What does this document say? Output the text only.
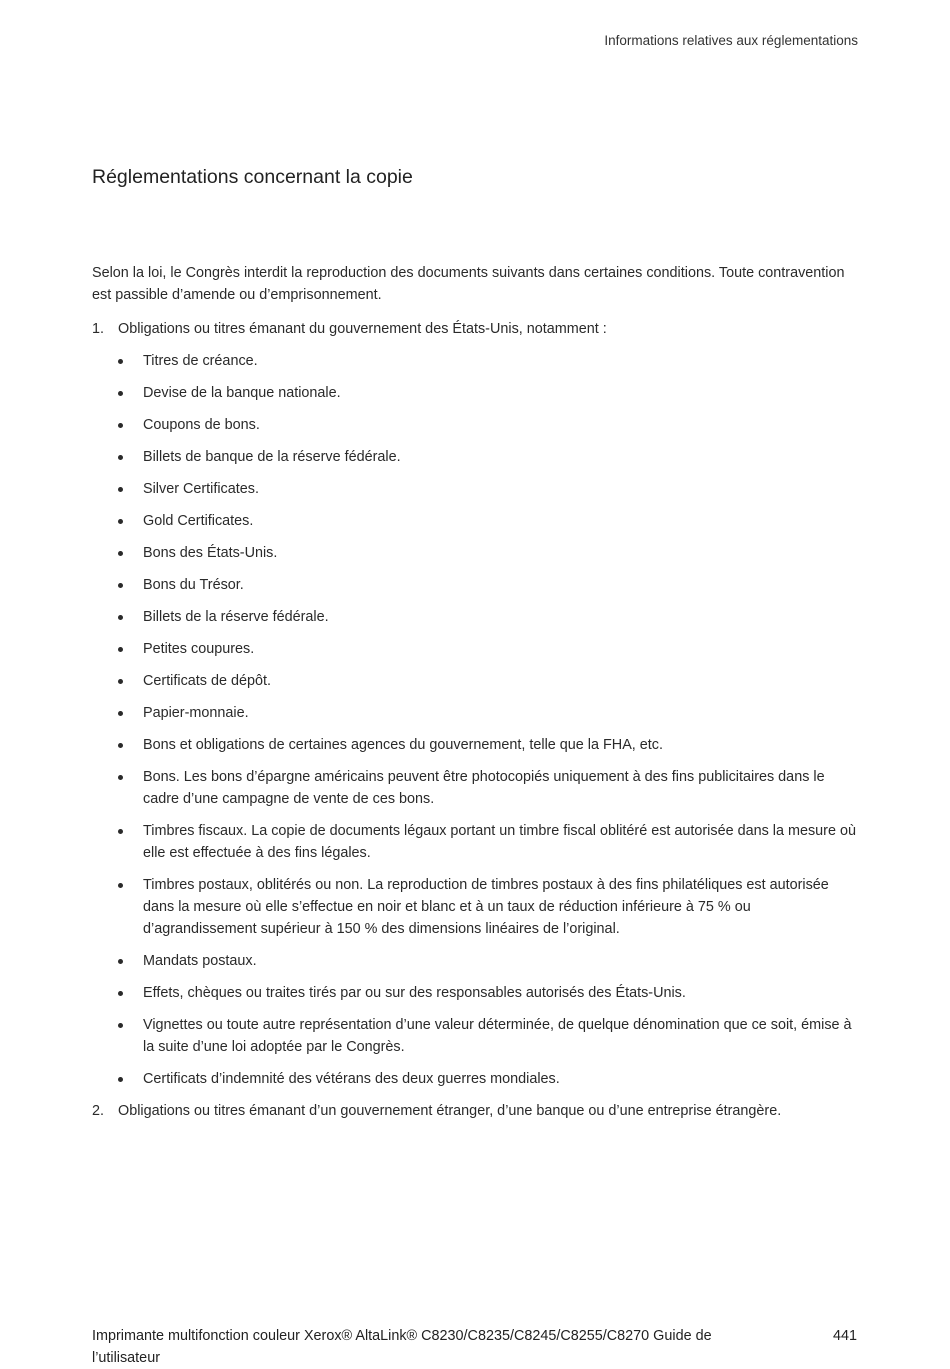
Informations relatives aux réglementations
Réglementations concernant la copie

Selon la loi, le Congrès interdit la reproduction des documents suivants dans certaines conditions. Toute contravention est passible d’amende ou d’emprisonnement.

1. Obligations ou titres émanant du gouvernement des États-Unis, notamment :
Titres de créance.
Devise de la banque nationale.
Coupons de bons.
Billets de banque de la réserve fédérale.
Silver Certificates.
Gold Certificates.
Bons des États-Unis.
Bons du Trésor.
Billets de la réserve fédérale.
Petites coupures.
Certificats de dépôt.
Papier-monnaie.
Bons et obligations de certaines agences du gouvernement, telle que la FHA, etc.
Bons. Les bons d’épargne américains peuvent être photocopiés uniquement à des fins publicitaires dans le cadre d’une campagne de vente de ces bons.
Timbres fiscaux. La copie de documents légaux portant un timbre fiscal oblitéré est autorisée dans la mesure où elle est effectuée à des fins légales.
Timbres postaux, oblitérés ou non. La reproduction de timbres postaux à des fins philatéliques est autorisée dans la mesure où elle s’effectue en noir et blanc et à un taux de réduction inférieure à 75 % ou d’agrandissement supérieur à 150 % des dimensions linéaires de l’original.
Mandats postaux.
Effets, chèques ou traites tirés par ou sur des responsables autorisés des États-Unis.
Vignettes ou toute autre représentation d’une valeur déterminée, de quelque dénomination que ce soit, émise à la suite d’une loi adoptée par le Congrès.
Certificats d’indemnité des vétérans des deux guerres mondiales.
2. Obligations ou titres émanant d’un gouvernement étranger, d’une banque ou d’une entreprise étrangère.
Imprimante multifonction couleur Xerox® AltaLink® C8230/C8235/C8245/C8255/C8270 Guide de l’utilisateur
441
